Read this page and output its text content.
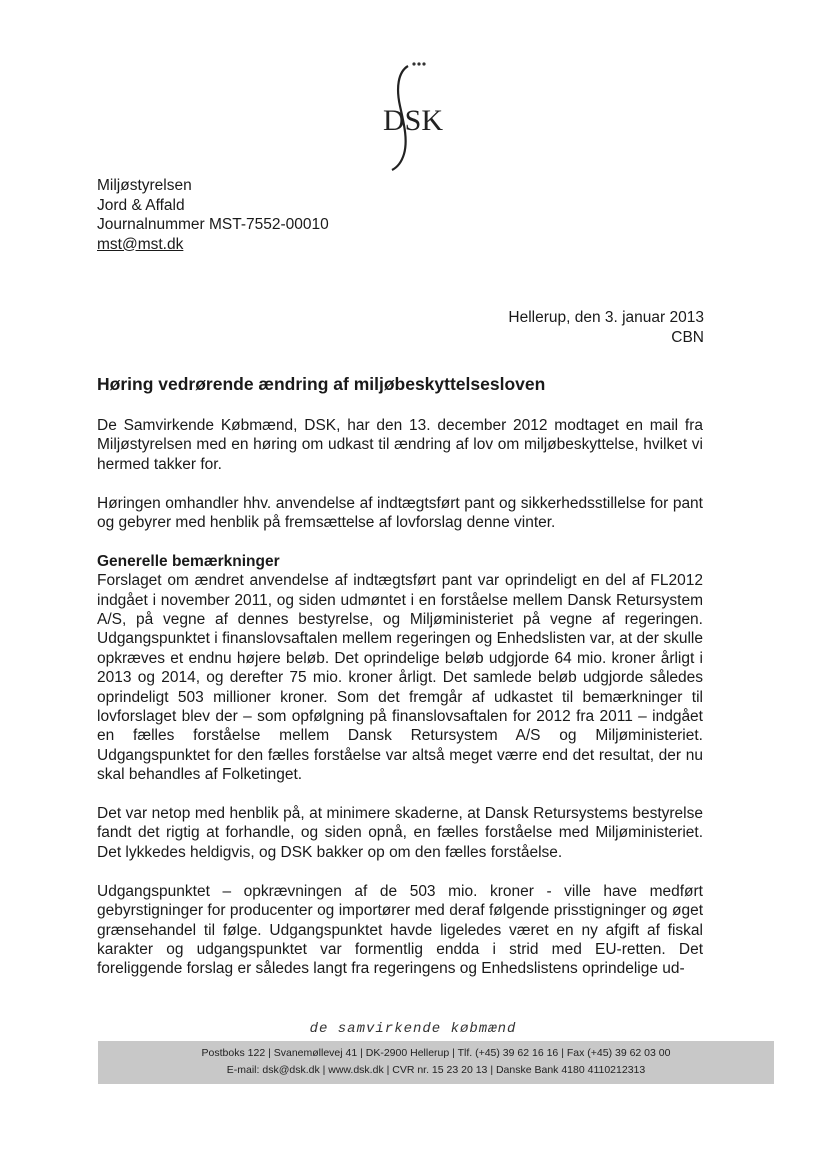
DSK
Miljøstyrelsen
Jord & Affald
Journalnummer MST-7552-00010
mst@mst.dk
Hellerup, den 3. januar 2013
CBN
Høring vedrørende ændring af miljøbeskyttelsesloven

De Samvirkende Købmænd, DSK, har den 13. december 2012 modtaget en mail fra Miljøstyrelsen med en høring om udkast til ændring af lov om miljøbeskyttelse, hvilket vi hermed takker for.

Høringen omhandler hhv. anvendelse af indtægtsført pant og sikkerhedsstillelse for pant og gebyrer med henblik på fremsættelse af lovforslag denne vinter.

Generelle bemærkninger
Forslaget om ændret anvendelse af indtægtsført pant var oprindeligt en del af FL2012 indgået i november 2011, og siden udmøntet i en forståelse mellem Dansk Retursystem A/S, på vegne af dennes bestyrelse, og Miljøministeriet på vegne af regeringen. Udgangspunktet i finanslovsaftalen mellem regeringen og Enhedslisten var, at der skulle opkræves et endnu højere beløb. Det oprindelige beløb udgjorde 64 mio. kroner årligt i 2013 og 2014, og derefter 75 mio. kroner årligt. Det samlede beløb udgjorde således oprindeligt 503 millioner kroner. Som det fremgår af udkastet til bemærkninger til lovforslaget blev der – som opfølgning på finanslovsaftalen for 2012 fra 2011 – indgået en fælles forståelse mellem Dansk Retursystem A/S og Miljøministeriet. Udgangspunktet for den fælles forståelse var altså meget værre end det resultat, der nu skal behandles af Folketinget.

Det var netop med henblik på, at minimere skaderne, at Dansk Retursystems bestyrelse fandt det rigtig at forhandle, og siden opnå, en fælles forståelse med Miljøministeriet. Det lykkedes heldigvis, og DSK bakker op om den fælles forståelse.

Udgangspunktet – opkrævningen af de 503 mio. kroner - ville have medført gebyrstigninger for producenter og importører med deraf følgende prisstigninger og øget grænsehandel til følge. Udgangspunktet havde ligeledes været en ny afgift af fiskal karakter og udgangspunktet var formentlig endda i strid med EU-retten. Det foreliggende forslag er således langt fra regeringens og Enhedslistens oprindelige ud-

de samvirkende købmænd
Postboks 122 | Svanemøllevej 41 | DK-2900 Hellerup | Tlf. (+45) 39 62 16 16 | Fax (+45) 39 62 03 00
E-mail: dsk@dsk.dk | www.dsk.dk | CVR nr. 15 23 20 13 | Danske Bank 4180 4110212313
